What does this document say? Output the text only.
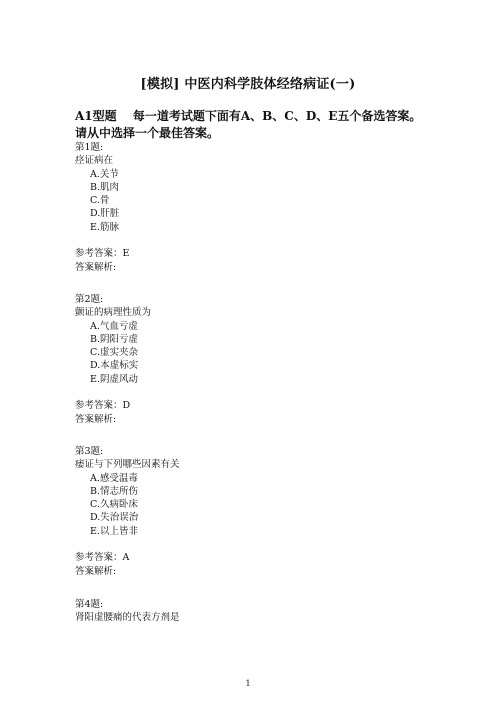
[模拟] 中医内科学肢体经络病证(一)
A1型题　 每一道考试题下面有A、B、C、D、E五个备选答案。请从中选择一个最佳答案。
第1题:
痉证病在
A.关节
B.肌肉
C.骨
D.肝脏
E.筋脉
参考答案：E
答案解析:
第2题:
颤证的病理性质为
A.气血亏虚
B.阴阳亏虚
C.虚实夹杂
D.本虚标实
E.阴虚风动
参考答案：D
答案解析:
第3题:
痿证与下列哪些因素有关
A.感受温毒
B.情志所伤
C.久病卧床
D.失治误治
E.以上皆非
参考答案：A
答案解析:
第4题:
肾阳虚腰痛的代表方剂是
1
